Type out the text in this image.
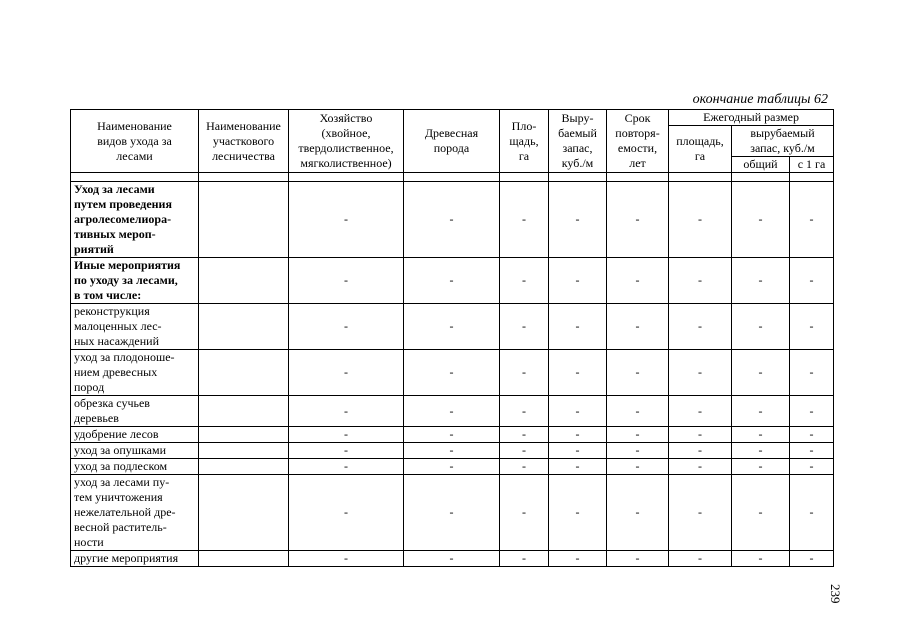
окончание таблицы 62
Наименование
видов ухода за
лесами	Наименование
участкового
лесничества	Хозяйство
(хвойное,
твердолиственное,
мягколиственное)	Древесная
порода	Пло-
щадь,
га	Выру-
баемый
запас,
куб./м	Срок
повторя-
емости,
лет	Ежегодный размер		
							площадь,
га	вырубаемый
запас, куб./м	
								общий	с 1 га

Уход за лесами
путем проведения
агролесомелиора-
тивных мероп-
риятий		-	-	-	-	-	-	-	-
Иные мероприятия
по уходу за лесами,
в том числе:		-	-	-	-	-	-	-	-
реконструкция
малоценных лес-
ных насаждений		-	-	-	-	-	-	-	-
уход за плодоноше-
нием древесных
пород		-	-	-	-	-	-	-	-
обрезка сучьев
деревьев		-	-	-	-	-	-	-	-
удобрение лесов		-	-	-	-	-	-	-	-
уход за опушками		-	-	-	-	-	-	-	-
уход за подлеском		-	-	-	-	-	-	-	-
уход за лесами пу-
тем уничтожения
нежелательной дре-
весной раститель-
ности		-	-	-	-	-	-	-	-
другие мероприятия		-	-	-	-	-	-	-	-
239
